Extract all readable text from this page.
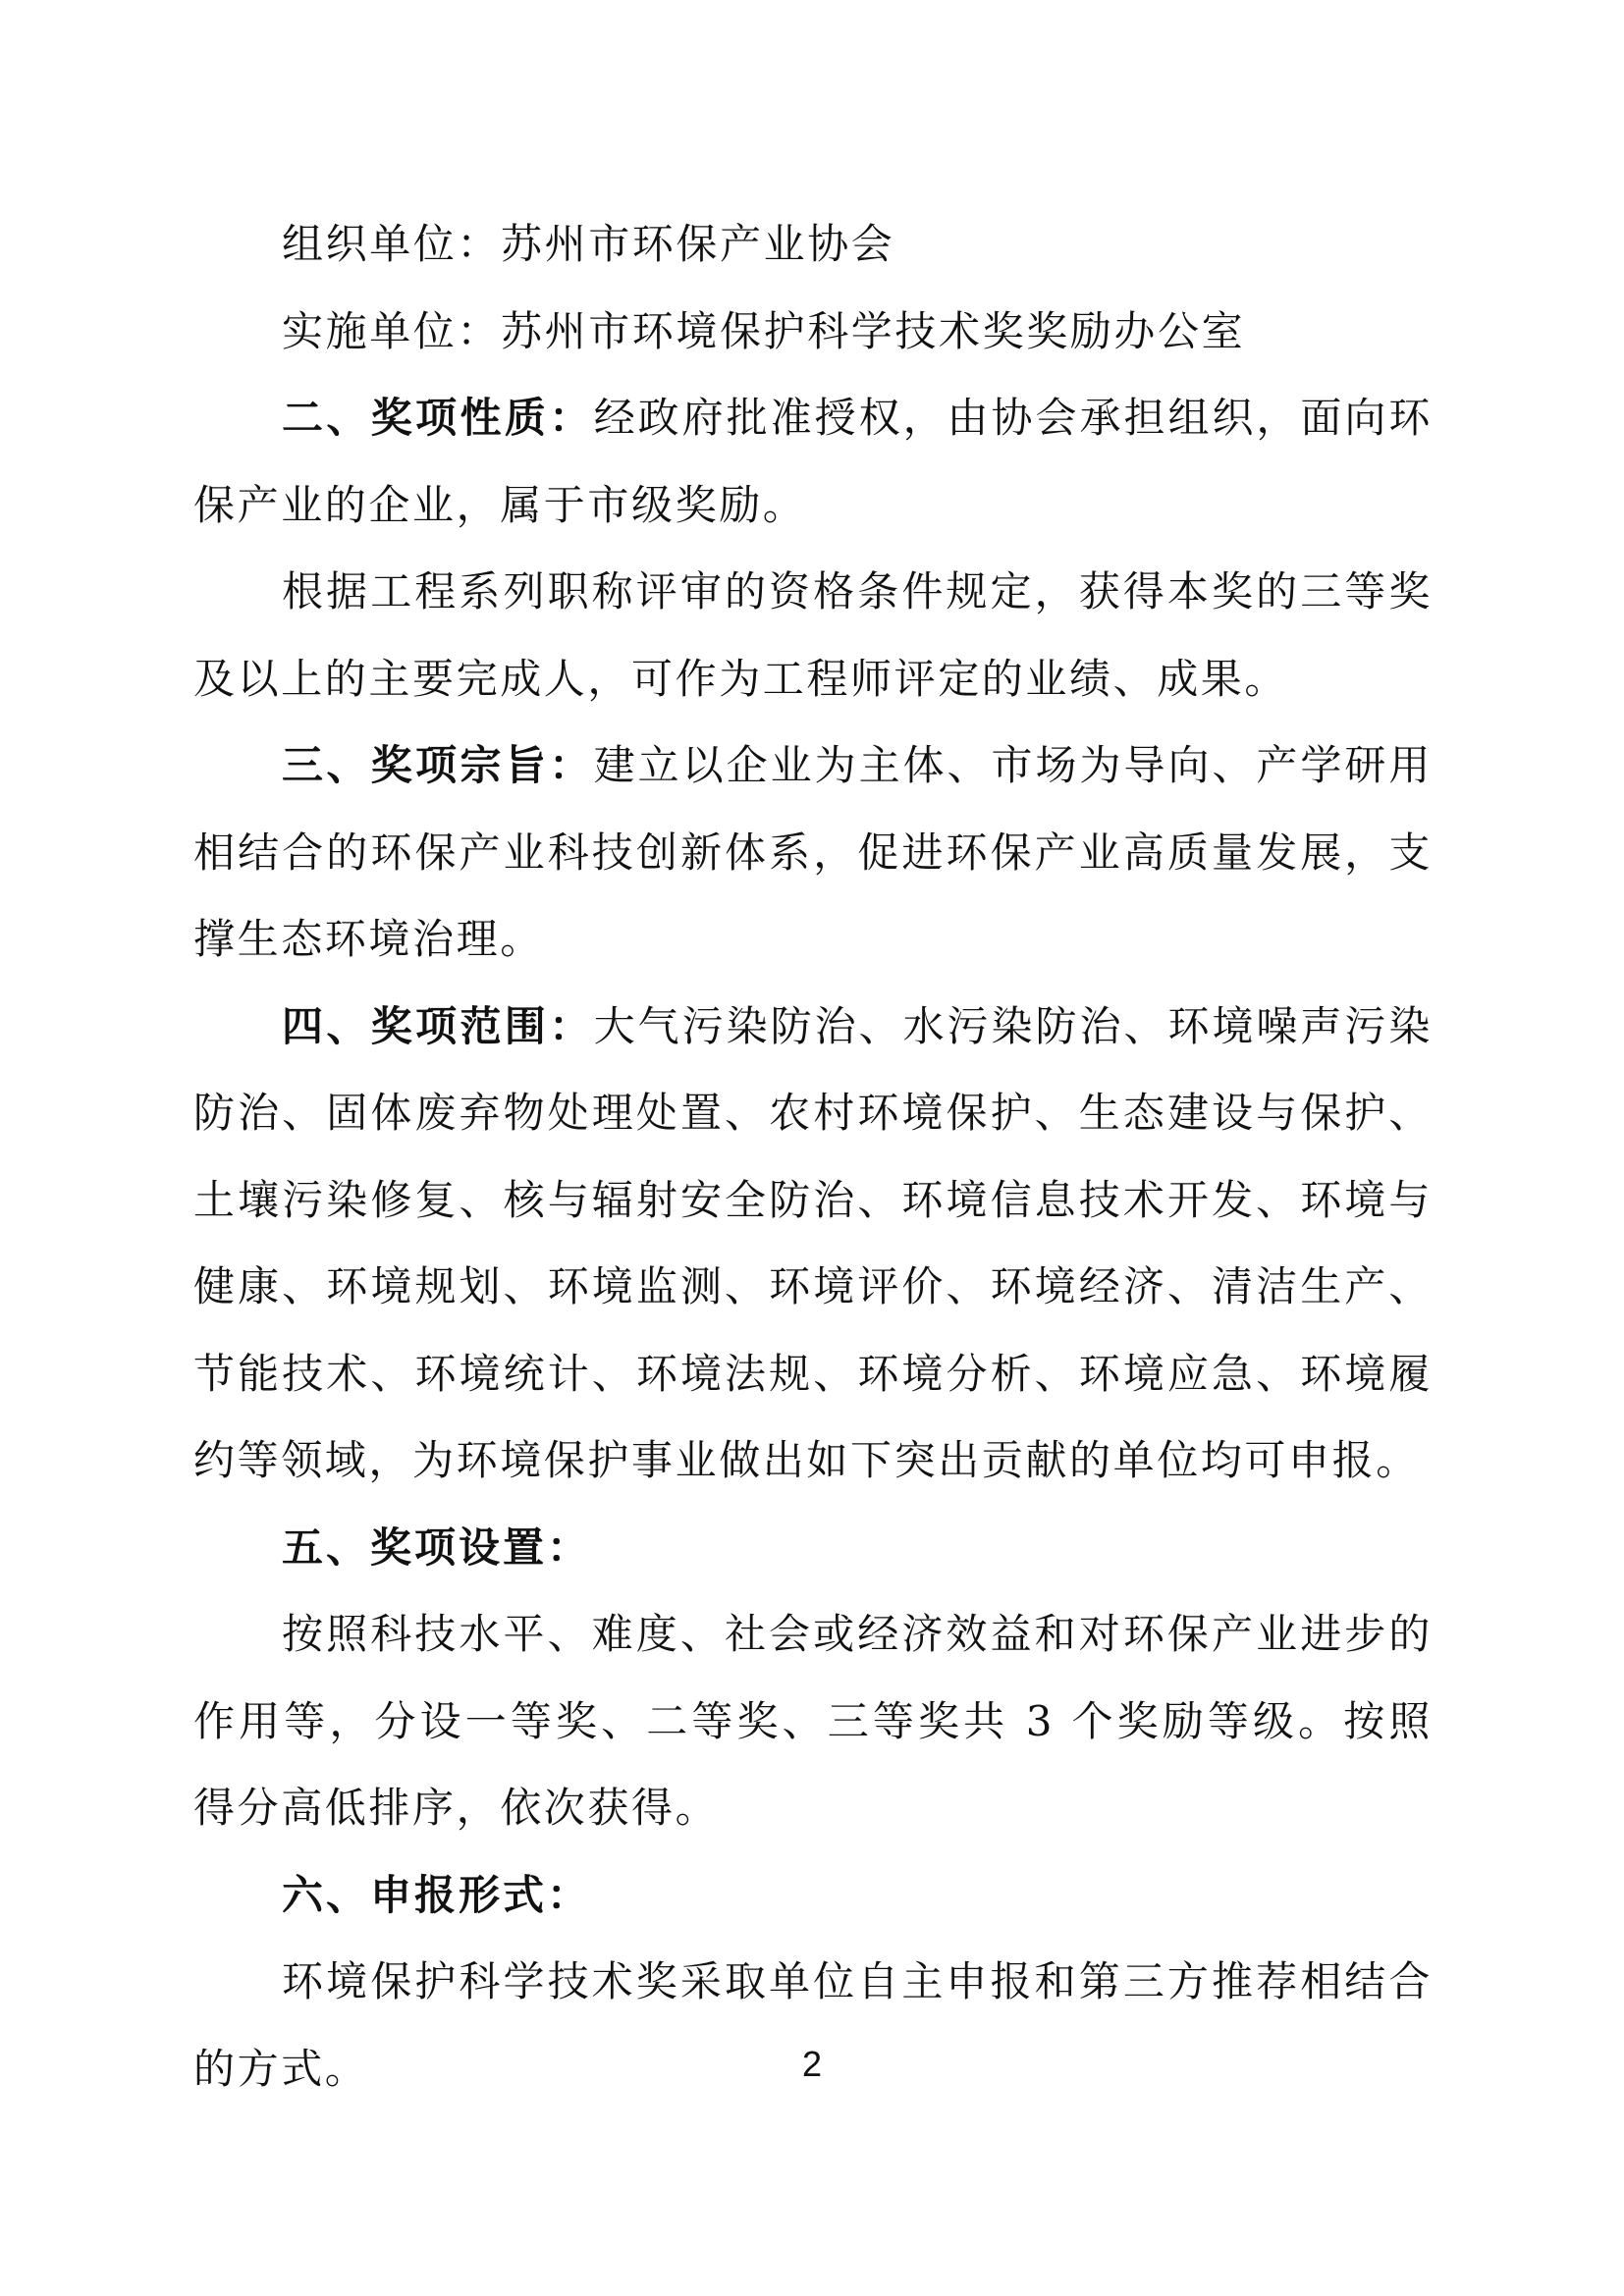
组织单位：苏州市环保产业协会

实施单位：苏州市环境保护科学技术奖奖励办公室

二、奖项性质：经政府批准授权，由协会承担组织，面向环保产业的企业，属于市级奖励。

根据工程系列职称评审的资格条件规定，获得本奖的三等奖及以上的主要完成人，可作为工程师评定的业绩、成果。

三、奖项宗旨：建立以企业为主体、市场为导向、产学研用相结合的环保产业科技创新体系，促进环保产业高质量发展，支撑生态环境治理。

四、奖项范围：大气污染防治、水污染防治、环境噪声污染防治、固体废弃物处理处置、农村环境保护、生态建设与保护、土壤污染修复、核与辐射安全防治、环境信息技术开发、环境与健康、环境规划、环境监测、环境评价、环境经济、清洁生产、节能技术、环境统计、环境法规、环境分析、环境应急、环境履约等领域，为环境保护事业做出如下突出贡献的单位均可申报。

五、奖项设置：

按照科技水平、难度、社会或经济效益和对环保产业进步的作用等，分设一等奖、二等奖、三等奖共 3 个奖励等级。按照得分高低排序，依次获得。

六、申报形式：

环境保护科学技术奖采取单位自主申报和第三方推荐相结合的方式。	2
